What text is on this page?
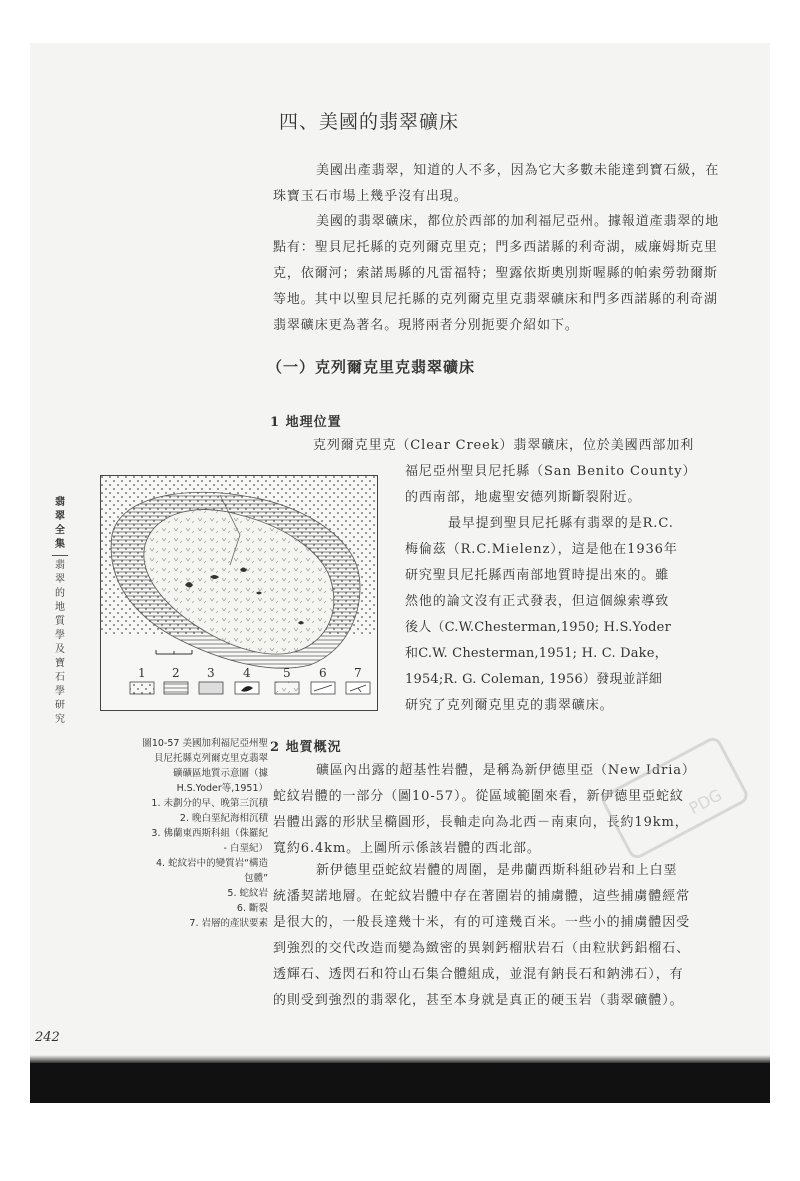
四、美國的翡翠礦床
美國出產翡翠，知道的人不多，因為它大多數未能達到寶石級，在珠寶玉石市場上幾乎沒有出現。
美國的翡翠礦床，都位於西部的加利福尼亞州。據報道產翡翠的地點有：聖貝尼托縣的克列爾克里克；門多西諾縣的利奇湖，威廉姆斯克里克，依爾河；索諾馬縣的凡雷福特；聖露依斯奧別斯喔縣的帕索勞勃爾斯等地。其中以聖貝尼托縣的克列爾克里克翡翠礦床和門多西諾縣的利奇湖翡翠礦床更為著名。現將兩者分別扼要介紹如下。
（一）克列爾克里克翡翠礦床
1 地理位置
克列爾克里克（Clear Creek）翡翠礦床，位於美國西部加利
福尼亞州聖貝尼托縣（San Benito County）
的西南部，地處聖安德列斯斷裂附近。
最早提到聖貝尼托縣有翡翠的是R.C.
梅倫茲（R.C.Mielenz），這是他在1936年
研究聖貝尼托縣西南部地質時提出來的。雖
然他的論文沒有正式發表，但這個線索導致
後人（C.W.Chesterman,1950; H.S.Yoder
和C.W. Chesterman,1951; H. C. Dake，
1954;R. G. Coleman, 1956）發現並詳細
研究了克列爾克里克的翡翠礦床。
2 地質概況
礦區內出露的超基性岩體，是稱為新伊德里亞（New Idria）
蛇紋岩體的一部分（圖10-57）。從區域範圍來看，新伊德里亞蛇紋
岩體出露的形狀呈橢圓形，長軸走向為北西－南東向，長約19km，
寬約6.4km。上圖所示係該岩體的西北部。
新伊德里亞蛇紋岩體的周圍，是弗蘭西斯科組砂岩和上白堊
統潘契諾地層。在蛇紋岩體中存在著圍岩的捕虜體，這些捕虜體經常
是很大的，一般長達幾十米，有的可達幾百米。一些小的捕虜體因受
到強烈的交代改造而變為緻密的異剝鈣榴狀岩石（由粒狀鈣鋁榴石、
透輝石、透閃石和符山石集合體組成，並混有鈉長石和鈉沸石），有
的則受到強烈的翡翠化，甚至本身就是真正的硬玉岩（翡翠礦體）。
翡
翠
全
集
翡
翠
的
地
質
學
及
寶
石
學
研
究
1 2 3 4	5 6 7
圖10-57 美國加利福尼亞州聖
貝尼托縣克列爾克里克翡翠
礦礦區地質示意圖（據
H.S.Yoder等,1951）
1. 未劃分的早、晚第三沉積
2. 晚白堊紀海相沉積
3. 佛蘭東西斯科組（侏羅紀
- 白堊紀）
4. 蛇紋岩中的變質岩“構造
包體”
5. 蛇紋岩
6. 斷裂
7. 岩層的產狀要素
242
PDG
